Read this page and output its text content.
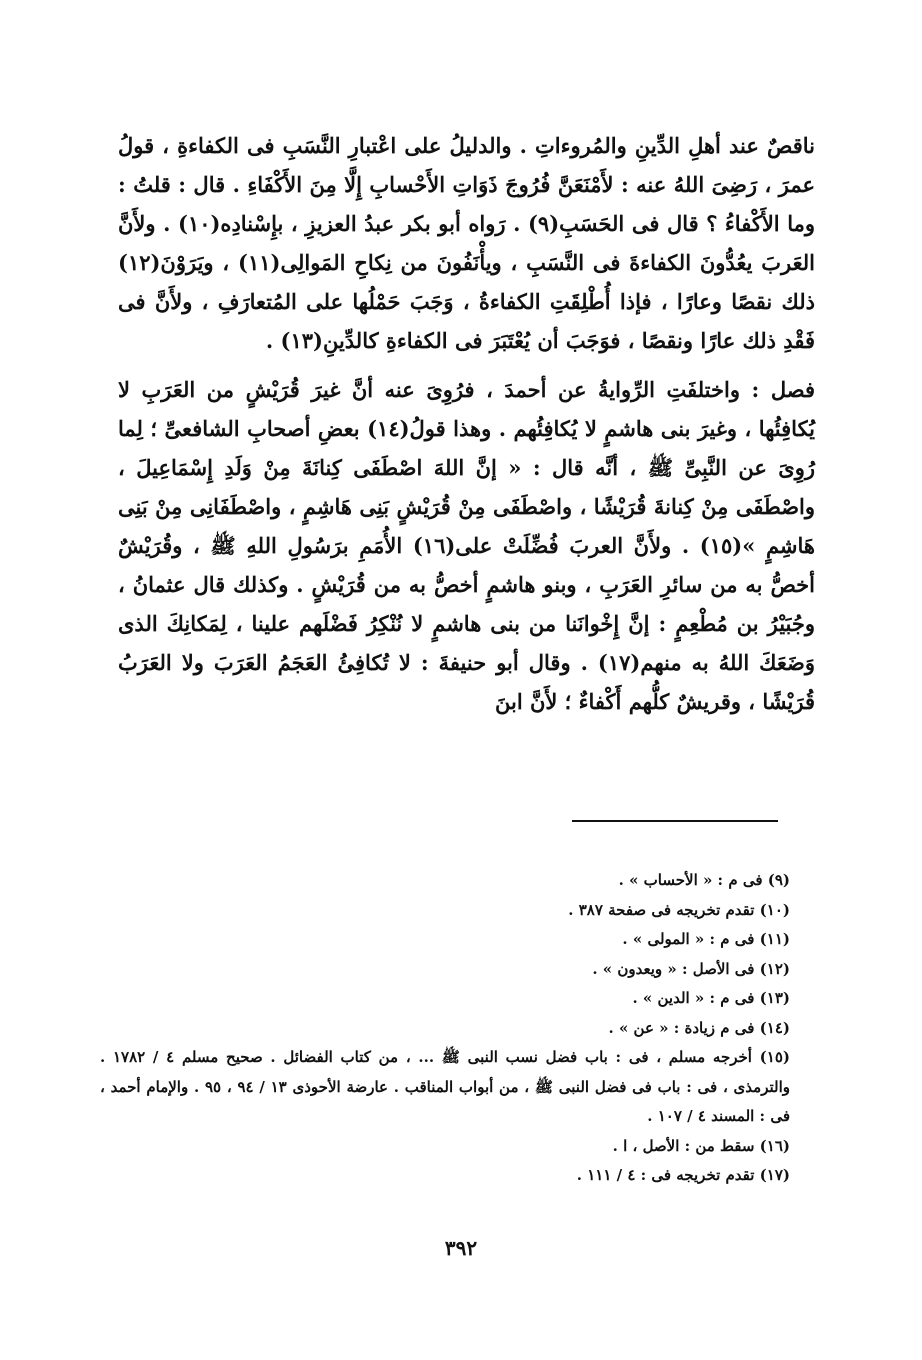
ناقصٌ عند أهلِ الدِّينِ والمُروءاتِ . والدليلُ على اعْتبارِ النَّسَبِ فى الكفاءةِ ، قولُ عمرَ ، رَضِىَ اللهُ عنه : لأَمْنَعَنَّ فُرُوجَ ذَوَاتِ الأَحْسابِ إِلَّا مِنَ الأَكْفَاءِ . قال : قلتُ : وما الأَكْفاءُ ؟ قال فى الحَسَبِ(٩) . رَواه أبو بكر عبدُ العزيزِ ، بإِسْنادِه(١٠) . ولأَنَّ العَربَ يعُدُّونَ الكفاءةَ فى النَّسَبِ ، ويأْنَفُونَ من نِكاحِ المَوالِى(١١) ، ويَرَوْنَ(١٢) ذلك نقصًا وعارًا ، فإذا أُطْلِقَتِ الكفاءةُ ، وَجَبَ حَمْلُها على المُتعارَفِ ، ولأَنَّ فى فَقْدِ ذلك عارًا ونقصًا ، فوَجَبَ أن يُعْتَبَرَ فى الكفاءةِ كالدِّينِ(١٣) .

فصل : واختلفَتِ الرِّوايةُ عن أحمدَ ، فرُوِىَ عنه أنَّ غيرَ قُرَيْشٍ من العَرَبِ لا يُكافِئُها ، وغيرَ بنى هاشمٍ لا يُكافِئُهم . وهذا قولُ(١٤) بعضِ أصحابِ الشافعىِّ ؛ لِما رُوِىَ عن النَّبِىِّ ﷺ ، أنَّه قال : « إنَّ اللهَ اصْطَفَى كِنانَةَ مِنْ وَلَدِ إِسْمَاعِيلَ ، واصْطَفَى مِنْ كِنانةَ قُرَيْشًا ، واصْطَفَى مِنْ قُرَيْشٍ بَنِى هَاشِمٍ ، واصْطَفَانِى مِنْ بَنِى هَاشِمٍ »(١٥) . ولأَنَّ العربَ فُضِّلَتْ على(١٦) الأُمَمِ برَسُولِ اللهِ ﷺ ، وقُرَيْشٌ أخصُّ به من سائرِ العَرَبِ ، وبنو هاشمٍ أخصُّ به من قُرَيْشٍ . وكذلك قال عثمانُ ، وجُبَيْرُ بن مُطْعِمٍ : إنَّ إِخْوانَنا من بنى هاشمٍ لا نُنْكِرُ فَضْلَهم علينا ، لِمَكانِكَ الذى وَضَعَكَ اللهُ به منهم(١٧) . وقال أبو حنيفةَ : لا تُكافِئُ العَجَمُ العَرَبَ ولا العَرَبُ قُرَيْشًا ، وقريشٌ كلُّهم أَكْفاءٌ ؛ لأَنَّ ابنَ

(٩) فى م : « الأحساب » .

(١٠) تقدم تخريجه فى صفحة ٣٨٧ .

(١١) فى م : « المولى » .

(١٢) فى الأصل : « ويعدون » .

(١٣) فى م : « الدين » .

(١٤) فى م زيادة : « عن » .

(١٥) أخرجه مسلم ، فى : باب فضل نسب النبى ﷺ ... ، من كتاب الفضائل . صحيح مسلم ٤ / ١٧٨٢ . والترمذى ، فى : باب فى فضل النبى ﷺ ، من أبواب المناقب . عارضة الأحوذى ١٣ / ٩٤ ، ٩٥ . والإمام أحمد ، فى : المسند ٤ / ١٠٧ .

(١٦) سقط من : الأصل ، ا .

(١٧) تقدم تخريجه فى : ٤ / ١١١ .

٣٩٢
